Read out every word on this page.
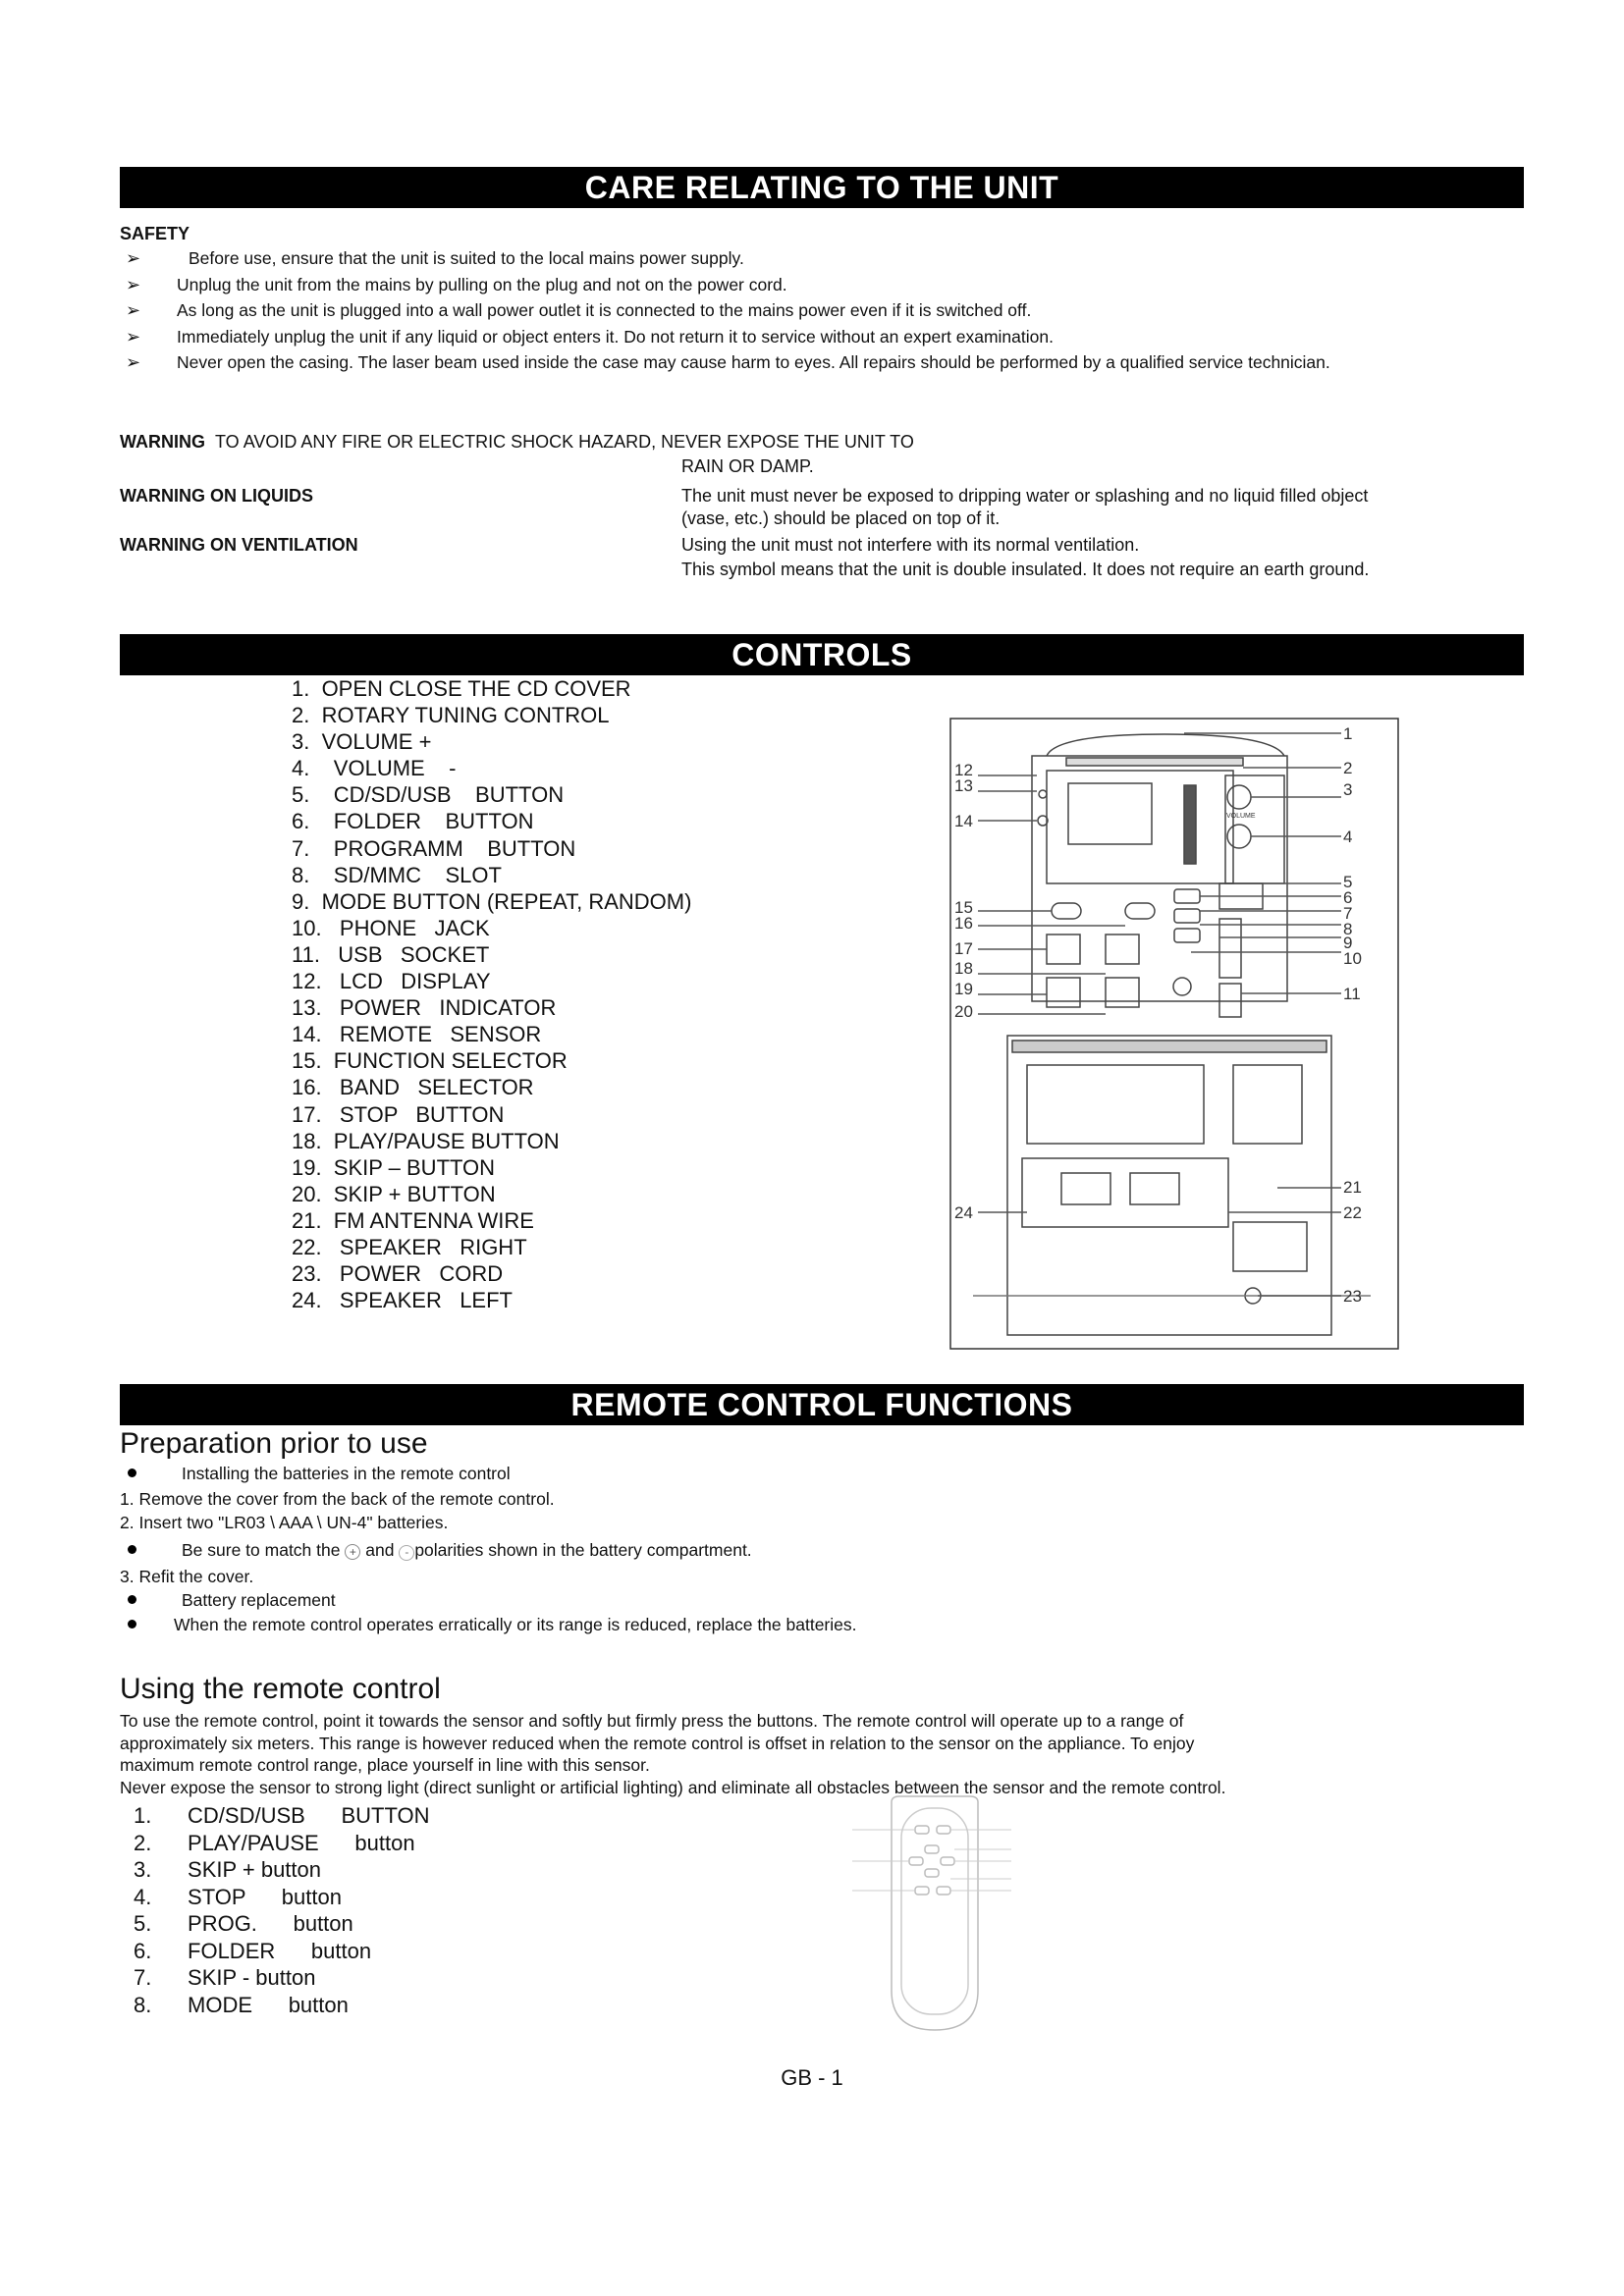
CARE RELATING TO THE UNIT
SAFETY
➢	Before use, ensure that the unit is suited to the local mains power supply.
➢ Unplug the unit from the mains by pulling on the plug and not on the power cord.
➢ As long as the unit is plugged into a wall power outlet it is connected to the mains power even if it is switched off.
➢ Immediately unplug the unit if any liquid or object enters it. Do not return it to service without an expert examination.
➢ Never open the casing. The laser beam used inside the case may cause harm to eyes. All repairs should be performed by a qualified service technician.
WARNING TO AVOID ANY FIRE OR ELECTRIC SHOCK HAZARD, NEVER EXPOSE THE UNIT TO
RAIN OR DAMP.
WARNING ON LIQUIDS	The unit must never be exposed to dripping water or splashing and no liquid filled object
(vase, etc.) should be placed on top of it.
WARNING ON VENTILATION	Using the unit must not interfere with its normal ventilation.
This symbol means that the unit is double insulated. It does not require an earth ground.
CONTROLS
1.  OPEN CLOSE THE CD COVER
2.  ROTARY TUNING CONTROL
3.  VOLUME +
4.    VOLUME    -
5.    CD/SD/USB    BUTTON
6.    FOLDER    BUTTON
7.    PROGRAMM    BUTTON
8.    SD/MMC    SLOT
9.  MODE BUTTON (REPEAT, RANDOM)
10.   PHONE   JACK
11.   USB   SOCKET
12.   LCD   DISPLAY
13.   POWER   INDICATOR
14.   REMOTE   SENSOR
15.  FUNCTION SELECTOR
16.   BAND   SELECTOR
17.   STOP   BUTTON
18.  PLAY/PAUSE BUTTON
19.  SKIP – BUTTON
20.  SKIP + BUTTON
21.  FM ANTENNA WIRE
22.   SPEAKER   RIGHT
23.   POWER   CORD
24.   SPEAKER   LEFT
VOLUME
1
2
3
4
5
6
7
8
9
10
11
12
13
14
15
16
17
18
19
20
21
22
23
24
REMOTE CONTROL FUNCTIONS
Preparation prior to use
Installing the batteries in the remote control
1. Remove the cover from the back of the remote control.
2. Insert two "LR03 \ AAA \ UN-4" batteries.
Be sure to match the + and - polarities shown in the battery compartment.
3. Refit the cover.
Battery replacement
When the remote control operates erratically or its range is reduced, replace the batteries.
Using the remote control
To use the remote control, point it towards the sensor and softly but firmly press the buttons. The remote control will operate up to a range of
approximately six meters. This range is however reduced when the remote control is offset in relation to the sensor on the appliance. To enjoy
maximum remote control range, place yourself in line with this sensor.
Never expose the sensor to strong light (direct sunlight or artificial lighting) and eliminate all obstacles between the sensor and the remote control.
1.      CD/SD/USB      BUTTON
2.      PLAY/PAUSE      button
3.      SKIP + button
4.      STOP      button
5.      PROG.      button
6.      FOLDER      button
7.      SKIP - button
8.      MODE      button
GB - 1
